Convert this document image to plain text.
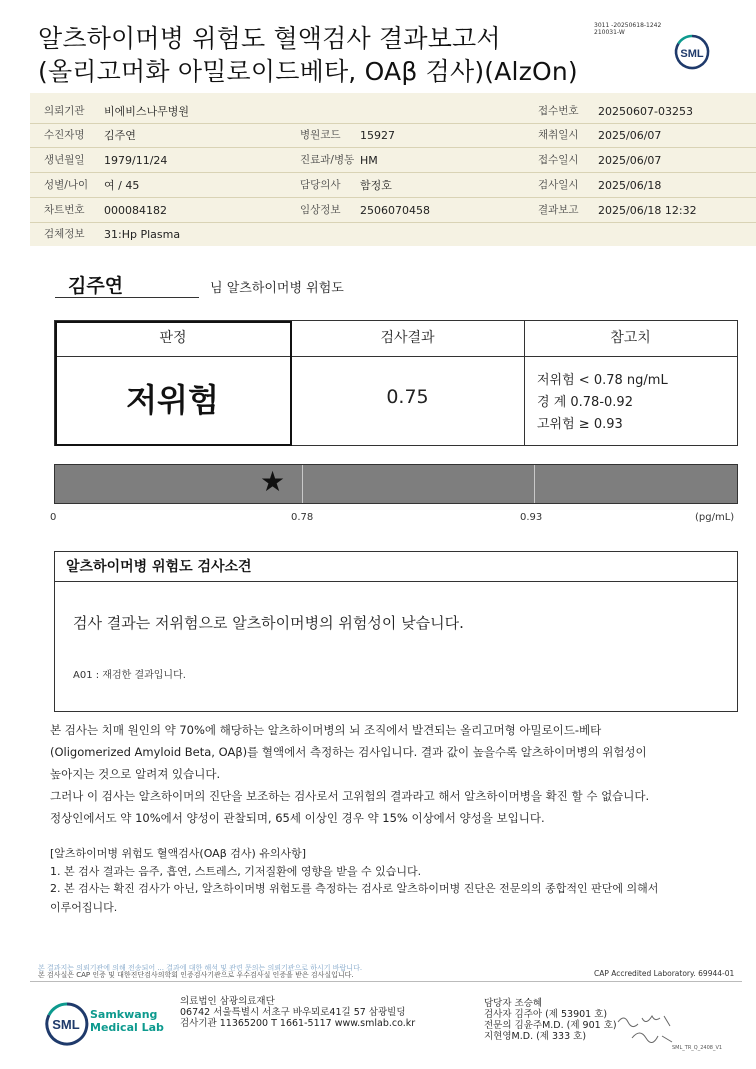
알츠하이머병 위험도 혈액검사 결과보고서
(올리고머화 아밀로이드베타, OAβ 검사)(AlzOn)
3011 -20250618-1242
210031-W
SML
의뢰기관 비에비스나무병원	접수번호 20250607-03253
수진자명 김주연	병원코드 15927	채취일시 2025/06/07
생년월일 1979/11/24	진료과/병동 HM	접수일시 2025/06/07
성별/나이 여 / 45	담당의사 함정호	검사일시 2025/06/18
차트번호 000084182	임상정보 2506070458	결과보고 2025/06/18 12:32
검체정보 31:Hp Plasma
김주연	님 알츠하이머병 위험도
판정	검사결과	참고치
저위험	0.75
저위험 < 0.78 ng/mL
경 계 0.78-0.92
고위험 ≥ 0.93
★
0	0.78	0.93	(pg/mL)
알츠하이머병 위험도 검사소견
검사 결과는 저위험으로 알츠하이머병의 위험성이 낮습니다.
A01 : 재검한 결과입니다.
본 검사는 치매 원인의 약 70%에 해당하는 알츠하이머병의 뇌 조직에서 발견되는 올리고머형 아밀로이드-베타
(Oligomerized Amyloid Beta, OAβ)를 혈액에서 측정하는 검사입니다. 결과 값이 높을수록 알츠하이머병의 위험성이
높아지는 것으로 알려져 있습니다.
그러나 이 검사는 알츠하이머의 진단을 보조하는 검사로서 고위험의 결과라고 해서 알츠하이머병을 확진 할 수 없습니다.
정상인에서도 약 10%에서 양성이 관찰되며, 65세 이상인 경우 약 15% 이상에서 양성을 보입니다.
[알츠하이머병 위험도 혈액검사(OAβ 검사) 유의사항]
1. 본 검사 결과는 음주, 흡연, 스트레스, 기저질환에 영향을 받을 수 있습니다.
2. 본 검사는 확진 검사가 아닌, 알츠하이머병 위험도를 측정하는 검사로 알츠하이머병 진단은 전문의의 종합적인 판단에 의해서
이루어집니다.
본 결과지는 의뢰기관에 의해 전송되어 ... 결과에 대한 해석 및 관련 문의는 의뢰기관으로 하시기 바랍니다.
본 검사실은 CAP 인증 및 대한진단검사의학회 인증검사기관으로 우수검사실 인증을 받은 검사실입니다.	CAP Accredited Laboratory. 69944-01
SML
Samkwang
Medical Lab
의료법인 삼광의료재단
06742 서울특별시 서초구 바우뫼로41길 57 삼광빌딩
검사기관 11365200 T 1661-5117 www.smlab.co.kr
담당자 조승혜
검사자 김주아 (제 53901 호)
전문의 김윤주M.D. (제 901 호)
지현영M.D. (제 333 호)
SML_TR_Q_2408_V1
